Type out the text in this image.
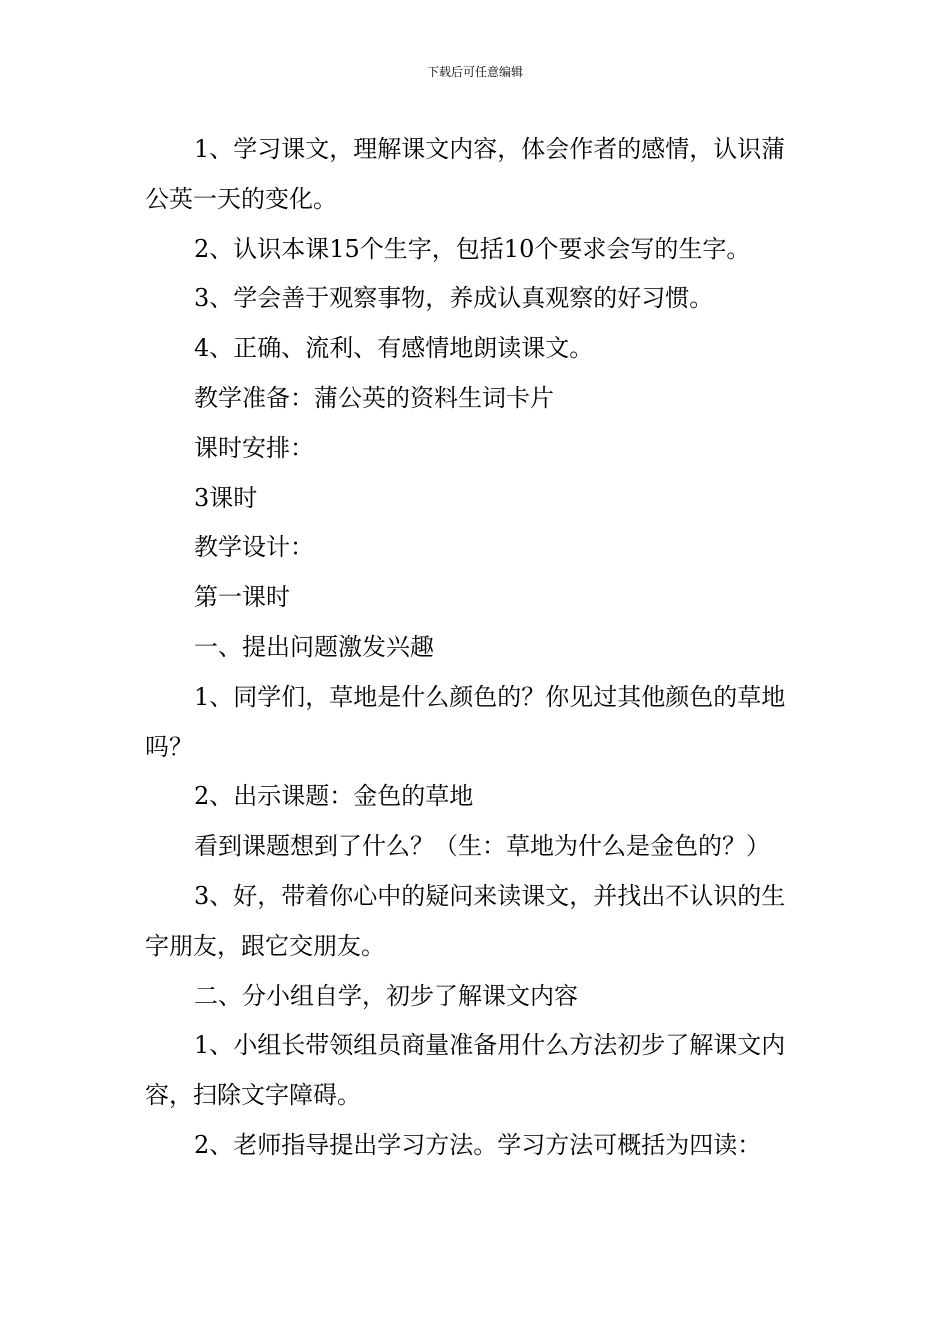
下载后可任意编辑

1、学习课文，理解课文内容，体会作者的感情，认识蒲公英一天的变化。

2、认识本课15个生字，包括10个要求会写的生字。

3、学会善于观察事物，养成认真观察的好习惯。

4、正确、流利、有感情地朗读课文。

教学准备：蒲公英的资料生词卡片

课时安排：

3课时

教学设计：

第一课时

一、提出问题激发兴趣

1、同学们，草地是什么颜色的？你见过其他颜色的草地吗？

2、出示课题：金色的草地

看到课题想到了什么？（生：草地为什么是金色的？）

3、好，带着你心中的疑问来读课文，并找出不认识的生字朋友，跟它交朋友。

二、分小组自学，初步了解课文内容

1、小组长带领组员商量准备用什么方法初步了解课文内容，扫除文字障碍。

2、老师指导提出学习方法。学习方法可概括为四读：
